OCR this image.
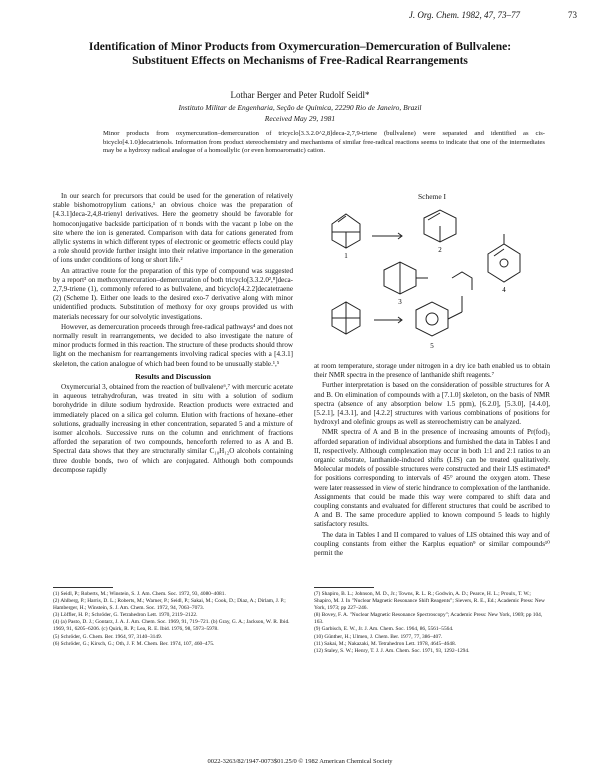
J. Org. Chem. 1982, 47, 73–77	73
Identification of Minor Products from Oxymercuration–Demercuration of Bullvalene: Substituent Effects on Mechanisms of Free-Radical Rearrangements
Lothar Berger and Peter Rudolf Seidl*
Instituto Militar de Engenharia, Seção de Química, 22290 Rio de Janeiro, Brazil
Received May 29, 1981
Minor products from oxymercuration–demercuration of tricyclo[3.3.2.0^2,8]deca-2,7,9-triene (bullvalene) were separated and identified as cis-bicyclo[4.1.0]decatrienols. Information from product stereochemistry and mechanisms of similar free-radical reactions seems to indicate that one of the intermediates may be a hydroxy radical analogue of a homoallylic (or even homoaromatic) cation.

In our search for precursors that could be used for the generation of relatively stable bishomotropylium cations,¹ an obvious choice was the preparation of [4.3.1]deca-2,4,8-trienyl derivatives. Here the geometry should be favorable for homoconjugative backside participation of π bonds with the vacant p lobe on the site where the ion is generated. Comparison with data for cations generated from allylic systems in which different types of electronic or geometric effects could play a role should provide further insight into their relative importance in the generation of ions under conditions of long or short life.²

An attractive route for the preparation of this type of compound was suggested by a report³ on methoxymercuration–demercuration of both tricyclo[3.3.2.0²,⁸]deca-2,7,9-triene (1), commonly refered to as bullvalene, and bicyclo[4.2.2]decatetraene (2) (Scheme I). Either one leads to the desired exo-7 derivative along with minor unidentified products. Substitution of methoxy for oxy groups provided us with materials necessary for our solvolytic investigations.

However, as demercuration proceeds through free-radical pathways⁴ and does not normally result in rearrangements, we decided to also investigate the nature of minor products formed in this reaction. The structure of these products should throw light on the mechanism for rearrangements involving radical species with a [4.3.1] skeleton, the cation analogue of which had been found to be unusually stable.¹,⁵

Results and Discussion

Oxymercurial 3, obtained from the reaction of bullvalene⁶,⁷ with mercuric acetate in aqueous tetrahydrofuran, was treated in situ with a solution of sodium borohydride in dilute sodium hydroxide. Reaction products were extracted and immediately placed on a silica gel column. Elution with fractions of hexane–ether solutions, gradually increasing in ether concentration, separated 5 and a mixture of isomer alcohols. Successive runs on the column and enrichment of fractions afforded the separation of two compounds, henceforth referred to as A and B. Spectral data shows that they are structurally similar C₁₀H₁₂O alcohols containing three double bonds, two of which are conjugated. Although both compounds decompose rapidly

Scheme I
1
2
3
4
5

at room temperature, storage under nitrogen in a dry ice bath enabled us to obtain their NMR spectra in the presence of lanthanide shift reagents.⁷

Further interpretation is based on the consideration of possible structures for A and B. On elimination of compounds with a [7.1.0] skeleton, on the basis of NMR spectra (absence of any absorption below 1.5 ppm), [6.2.0], [5.3.0], [4.4.0], [5.2.1], [4.3.1], and [4.2.2] structures with various combinations of positions for hydroxyl and olefinic groups as well as stereochemistry can be analyzed.

NMR spectra of A and B in the presence of increasing amounts of Pr(fod)₃ afforded separation of individual absorptions and furnished the data in Tables I and II, respectively. Although complexation may occur in both 1:1 and 2:1 ratios to an organic substrate, lanthanide-induced shifts (LIS) can be treated qualitatively. Molecular models of possible structures were constructed and their LIS estimated⁸ for positions corresponding to intervals of 45° around the oxygen atom. These were later reassessed in view of steric hindrance to complexation of the lanthanide. Assignments that could be made this way were compared to shift data and coupling constants and evaluated for different structures that could be ascribed to A and B. The same procedure applied to known compound 5 leads to highly satisfactory results.

The data in Tables I and II compared to values of LIS obtained this way and of coupling constants from either the Karplus equation⁹ or similar compounds¹⁰ permit the

(1) Seidl, P.; Roberts, M.; Winstein, S. J. Am. Chem. Soc. 1972, 93, 4080–4081.
(2) Ahlberg, P.; Harris, D. L.; Roberts, M.; Warner, P.; Seidl, P.; Sakai, M.; Cook, D.; Diaz, A.; Dirlam, J. P.; Hamberger, H.; Winstein, S. J. Am. Chem. Soc. 1972, 94, 7063–7073.
(3) Löffler, H. P.; Schröder, G. Tetrahedron Lett. 1970, 2119–2122.
(4) (a) Pasto, D. J.; Gontarz, J. A. J. Am. Chem. Soc. 1969, 91, 719–721. (b) Gray, G. A.; Jackson, W. R. Ibid. 1969, 91, 6205–6206. (c) Quirk, R. P.; Lea, R. E. Ibid. 1976, 98, 5973–5978.
(5) Schröder, G. Chem. Ber. 1964, 97, 3140–3149.
(6) Schröder, G.; Kirsch, G.; Oth, J. F. M. Chem. Ber. 1974, 107, 460–475.
(7) Shapiro, B. L.; Johnson, M. D., Jr.; Towns, R. L. R.; Godwin, A. D.; Pearce, H. L.; Proulx, T. W.; Shapiro, M. J. In "Nuclear Magnetic Resonance Shift Reagents"; Sievers, R. E., Ed.; Academic Press: New York, 1973; pp 227–246.
(8) Bovey, F. A. "Nuclear Magnetic Resonance Spectroscopy"; Academic Press: New York, 1969; pp 104, 163.
(9) Garbisch, E. W., Jr. J. Am. Chem. Soc. 1964, 86, 5561–5564.
(10) Günther, H.; Ulmen, J. Chem. Ber. 1977, 77, 386–407.
(11) Sakai, M.; Nakazaki, M. Tetrahedron Lett. 1978, 4645–4648.
(12) Staley, S. W.; Henry, T. J. J. Am. Chem. Soc. 1971, 93, 1292–1294.
0022-3263/82/1947-0073$01.25/0 © 1982 American Chemical Society
